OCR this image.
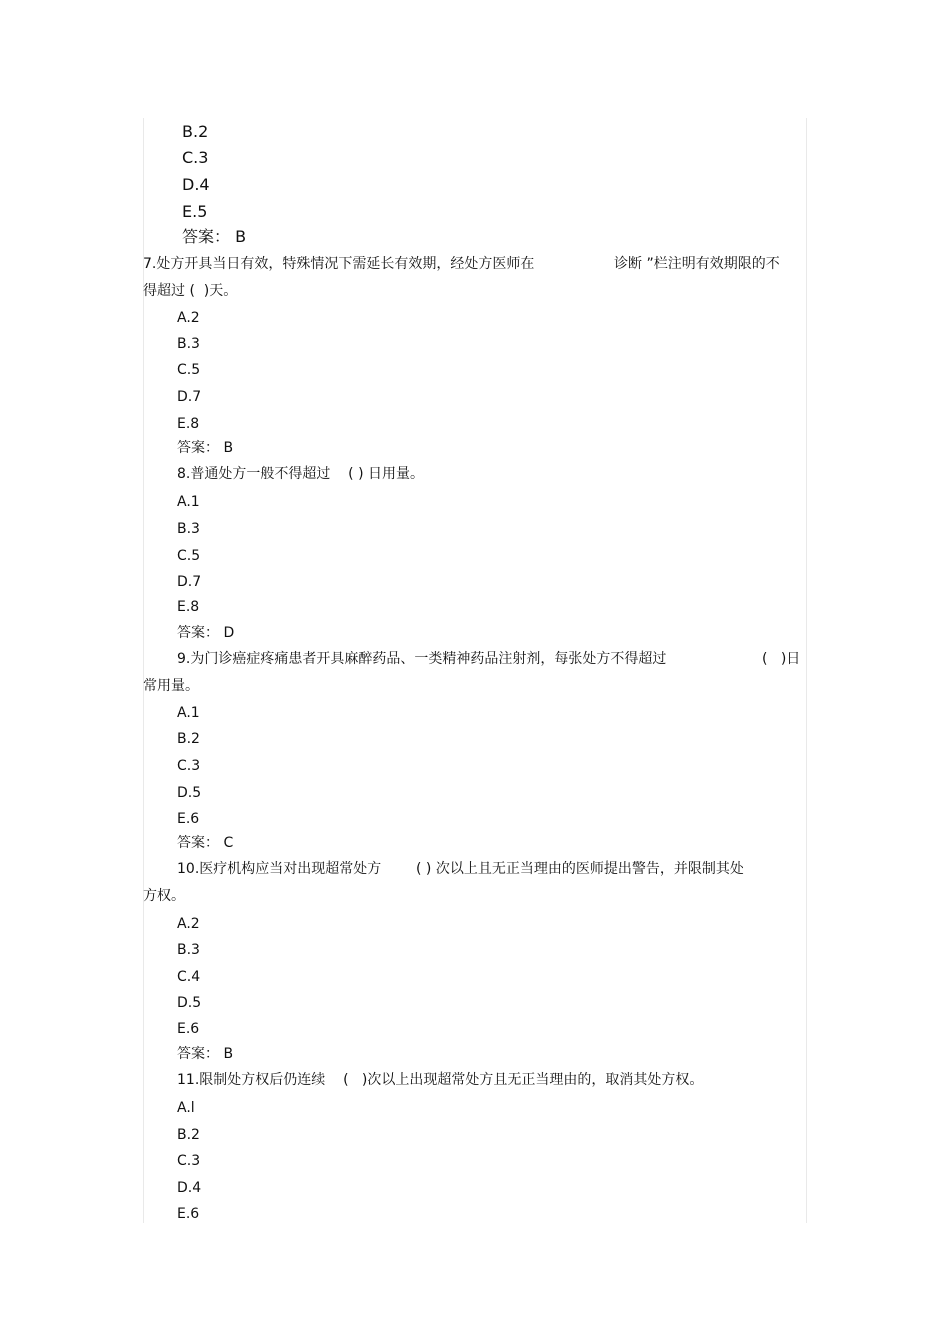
B.2
C.3
D.4
E.5
答案： B
7.处方开具当日有效，特殊情况下需延长有效期，经处方医师在	诊断 ”栏注明有效期限的不
得超过 (  )天。
A.2
B.3
C.5
D.7
E.8
答案： B
8.普通处方一般不得超过    ( ) 日用量。
A.1
B.3
C.5
D.7
E.8
答案： D
9.为门诊癌症疼痛患者开具麻醉药品、一类精神药品注射剂，每张处方不得超过	(   )日
常用量。
A.1
B.2
C.3
D.5
E.6
答案： C
10.医疗机构应当对出现超常处方 ( ) 次以上且无正当理由的医师提出警告，并限制其处
方权。
A.2
B.3
C.4
D.5
E.6
答案： B
11.限制处方权后仍连续    (   )次以上出现超常处方且无正当理由的，取消其处方权。
A.l
B.2
C.3
D.4
E.6
